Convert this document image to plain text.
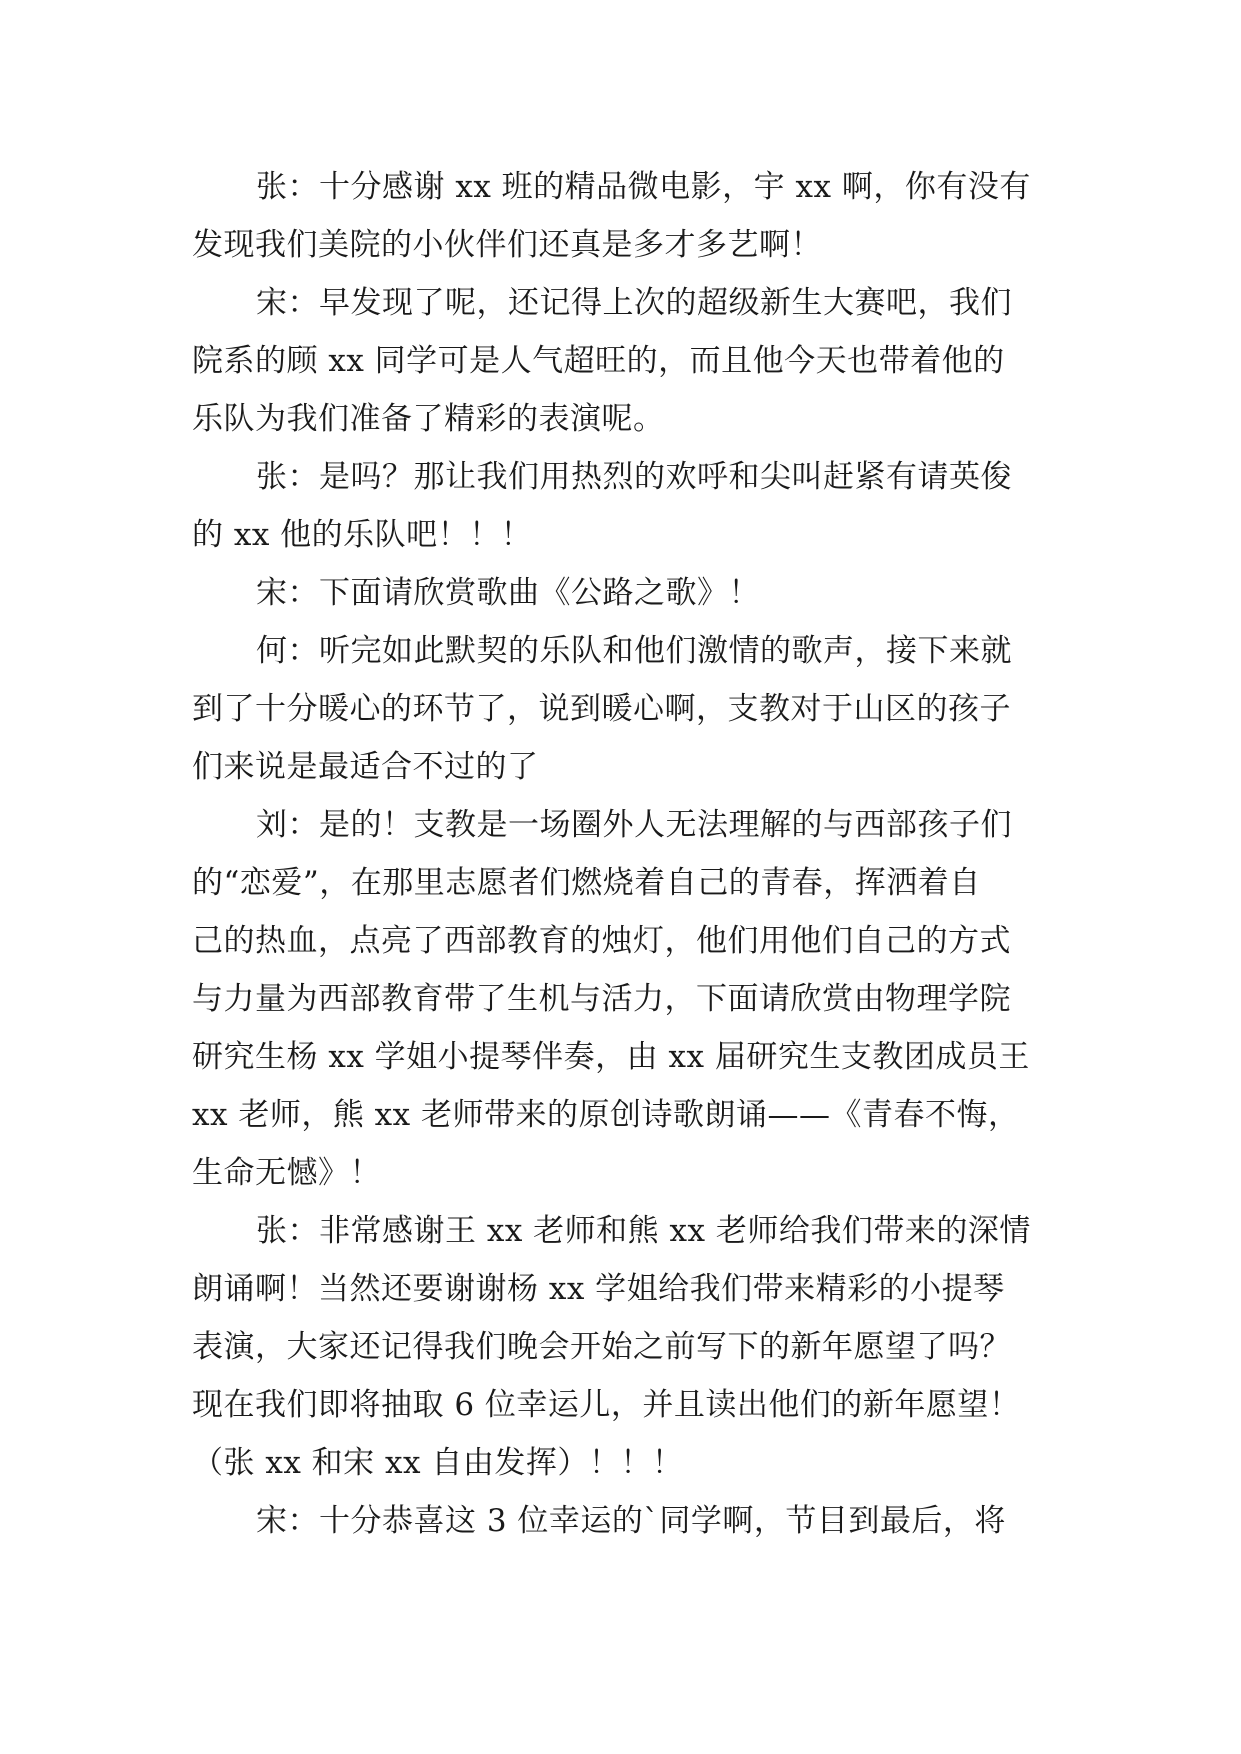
张：十分感谢 xx 班的精品微电影，宇 xx 啊，你有没有
发现我们美院的小伙伴们还真是多才多艺啊！
宋：早发现了呢，还记得上次的超级新生大赛吧，我们
院系的顾 xx 同学可是人气超旺的，而且他今天也带着他的
乐队为我们准备了精彩的表演呢。
张：是吗？那让我们用热烈的欢呼和尖叫赶紧有请英俊
的 xx 他的乐队吧！！！
宋：下面请欣赏歌曲《公路之歌》！
何：听完如此默契的乐队和他们激情的歌声，接下来就
到了十分暖心的环节了，说到暖心啊，支教对于山区的孩子
们来说是最适合不过的了
刘：是的！支教是一场圈外人无法理解的与西部孩子们
的“恋爱”，在那里志愿者们燃烧着自己的青春，挥洒着自
己的热血，点亮了西部教育的烛灯，他们用他们自己的方式
与力量为西部教育带了生机与活力，下面请欣赏由物理学院
研究生杨 xx 学姐小提琴伴奏，由 xx 届研究生支教团成员王
xx 老师，熊 xx 老师带来的原创诗歌朗诵——《青春不悔，
生命无憾》！
张：非常感谢王 xx 老师和熊 xx 老师给我们带来的深情
朗诵啊！当然还要谢谢杨 xx 学姐给我们带来精彩的小提琴
表演，大家还记得我们晚会开始之前写下的新年愿望了吗？
现在我们即将抽取 6 位幸运儿，并且读出他们的新年愿望！
（张 xx 和宋 xx 自由发挥）！！！
宋：十分恭喜这 3 位幸运的`同学啊，节目到最后，将
